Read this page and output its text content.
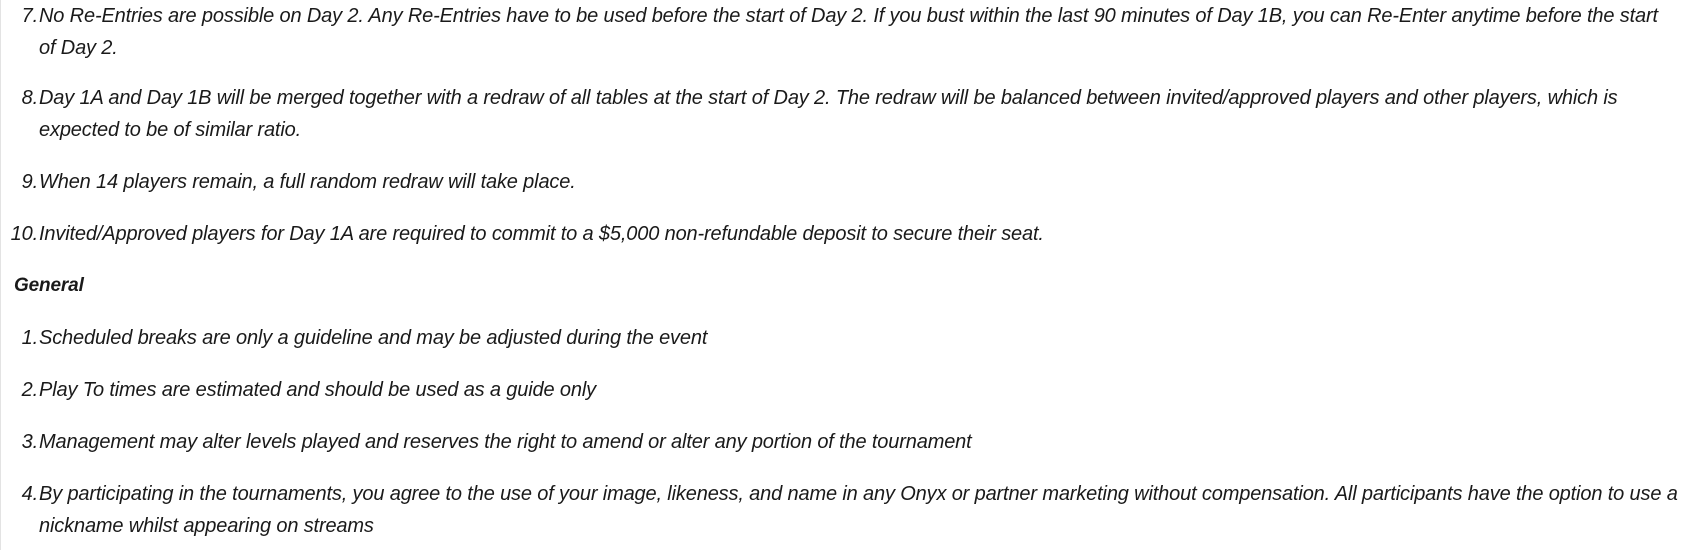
7. No Re-Entries are possible on Day 2. Any Re-Entries have to be used before the start of Day 2. If you bust within the last 90 minutes of Day 1B, you can Re-Enter anytime before the start of Day 2.
8. Day 1A and Day 1B will be merged together with a redraw of all tables at the start of Day 2. The redraw will be balanced between invited/approved players and other players, which is expected to be of similar ratio.
9. When 14 players remain, a full random redraw will take place.
10. Invited/Approved players for Day 1A are required to commit to a $5,000 non-refundable deposit to secure their seat.
General
1. Scheduled breaks are only a guideline and may be adjusted during the event
2. Play To times are estimated and should be used as a guide only
3. Management may alter levels played and reserves the right to amend or alter any portion of the tournament
4. By participating in the tournaments, you agree to the use of your image, likeness, and name in any Onyx or partner marketing without compensation. All participants have the option to use a nickname whilst appearing on streams
